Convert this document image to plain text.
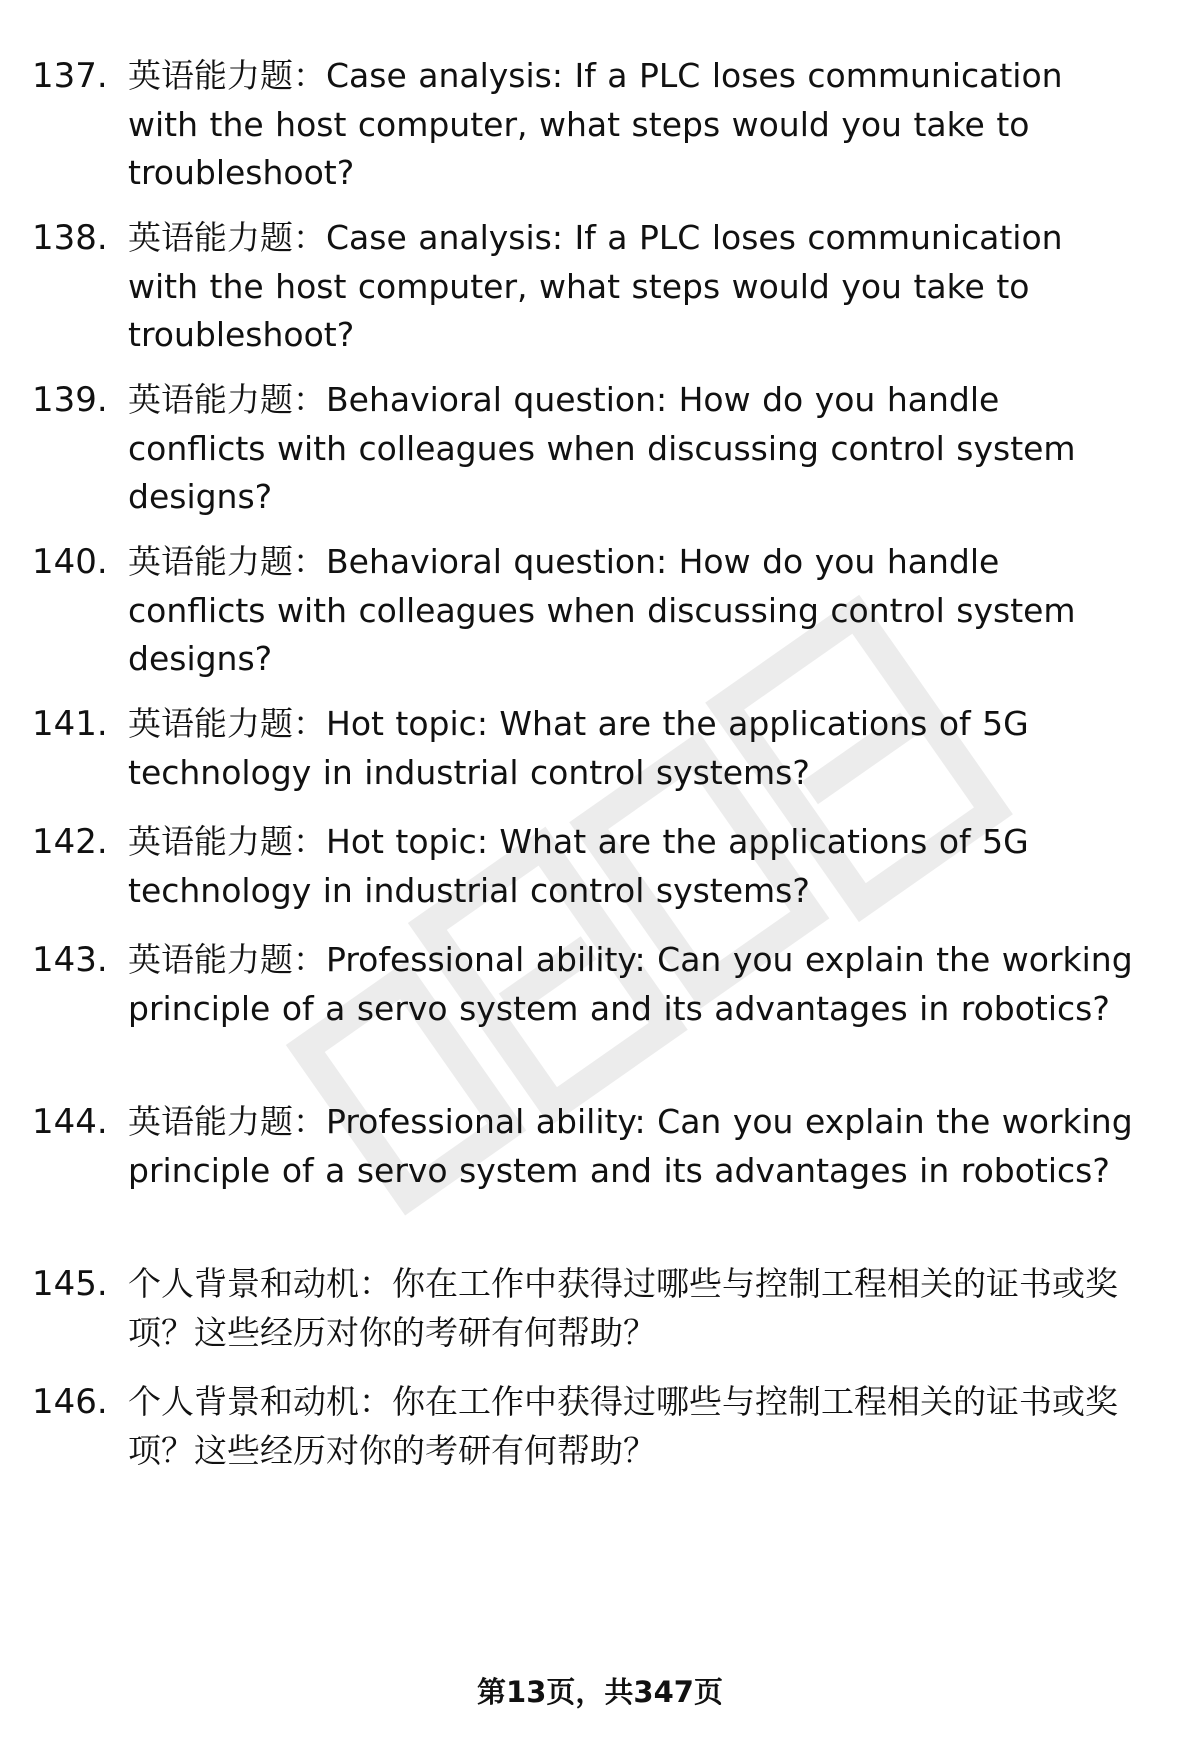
137. 英语能力题：Case analysis: If a PLC loses communication with the host computer, what steps would you take to troubleshoot?
138. 英语能力题：Case analysis: If a PLC loses communication with the host computer, what steps would you take to troubleshoot?
139. 英语能力题：Behavioral question: How do you handle conflicts with colleagues when discussing control system designs?
140. 英语能力题：Behavioral question: How do you handle conflicts with colleagues when discussing control system designs?
141. 英语能力题：Hot topic: What are the applications of 5G technology in industrial control systems?
142. 英语能力题：Hot topic: What are the applications of 5G technology in industrial control systems?
143. 英语能力题：Professional ability: Can you explain the working principle of a servo system and its advantages in robotics?
144. 英语能力题：Professional ability: Can you explain the working principle of a servo system and its advantages in robotics?
145. 个人背景和动机：你在工作中获得过哪些与控制工程相关的证书或奖项？这些经历对你的考研有何帮助？
146. 个人背景和动机：你在工作中获得过哪些与控制工程相关的证书或奖项？这些经历对你的考研有何帮助？
第13页，共347页
